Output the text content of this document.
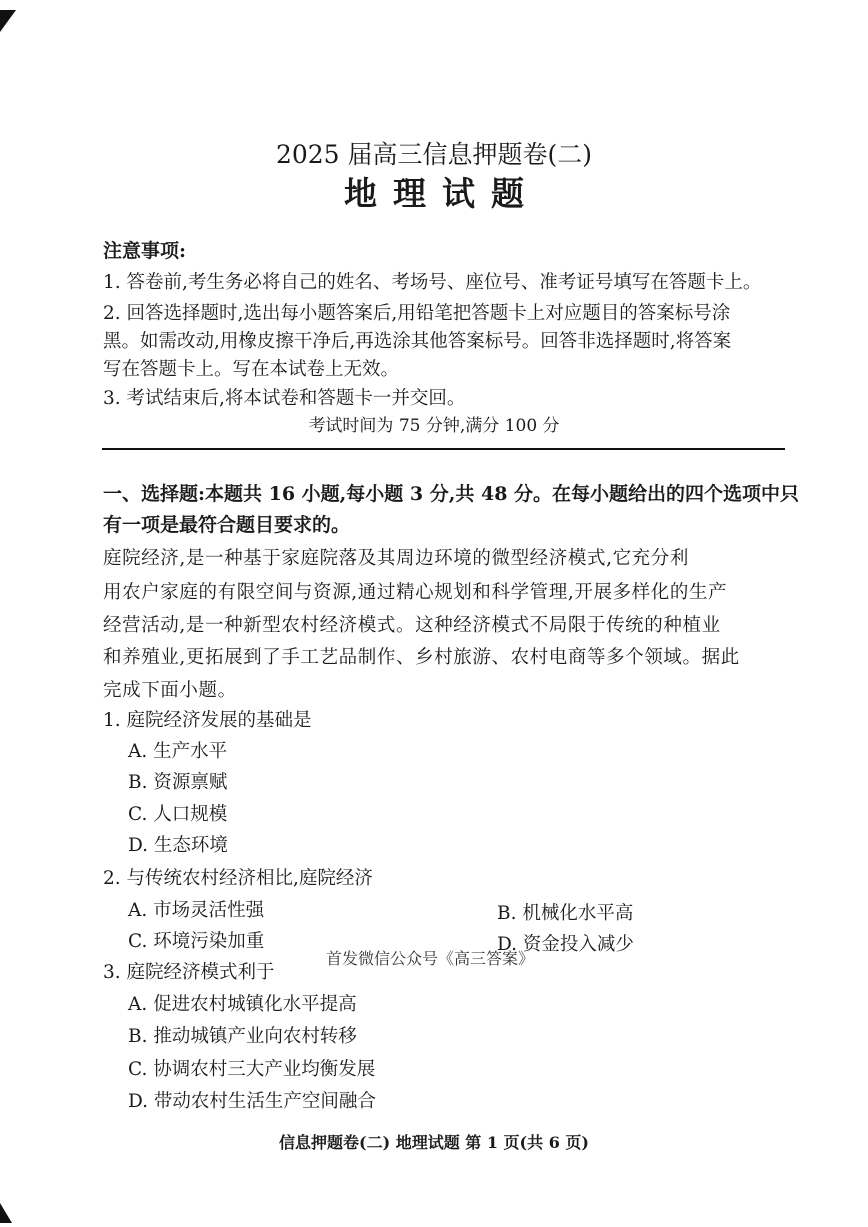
2025 届高三信息押题卷(二)
地理试题
注意事项:
1. 答卷前,考生务必将自己的姓名、考场号、座位号、准考证号填写在答题卡上。
2. 回答选择题时,选出每小题答案后,用铅笔把答题卡上对应题目的答案标号涂
黑。如需改动,用橡皮擦干净后,再选涂其他答案标号。回答非选择题时,将答案
写在答题卡上。写在本试卷上无效。
3. 考试结束后,将本试卷和答题卡一并交回。
考试时间为 75 分钟,满分 100 分
一、选择题:本题共 16 小题,每小题 3 分,共 48 分。在每小题给出的四个选项中只
有一项是最符合题目要求的。
庭院经济,是一种基于家庭院落及其周边环境的微型经济模式,它充分利
用农户家庭的有限空间与资源,通过精心规划和科学管理,开展多样化的生产
经营活动,是一种新型农村经济模式。这种经济模式不局限于传统的种植业
和养殖业,更拓展到了手工艺品制作、乡村旅游、农村电商等多个领域。据此
完成下面小题。
1. 庭院经济发展的基础是
A. 生产水平
B. 资源禀赋
C. 人口规模
D. 生态环境
2. 与传统农村经济相比,庭院经济
A. 市场灵活性强	B. 机械化水平高
C. 环境污染加重	D. 资金投入减少
首发微信公众号《高三答案》
3. 庭院经济模式利于
A. 促进农村城镇化水平提高
B. 推动城镇产业向农村转移
C. 协调农村三大产业均衡发展
D. 带动农村生活生产空间融合
信息押题卷(二) 地理试题 第 1 页(共 6 页)
